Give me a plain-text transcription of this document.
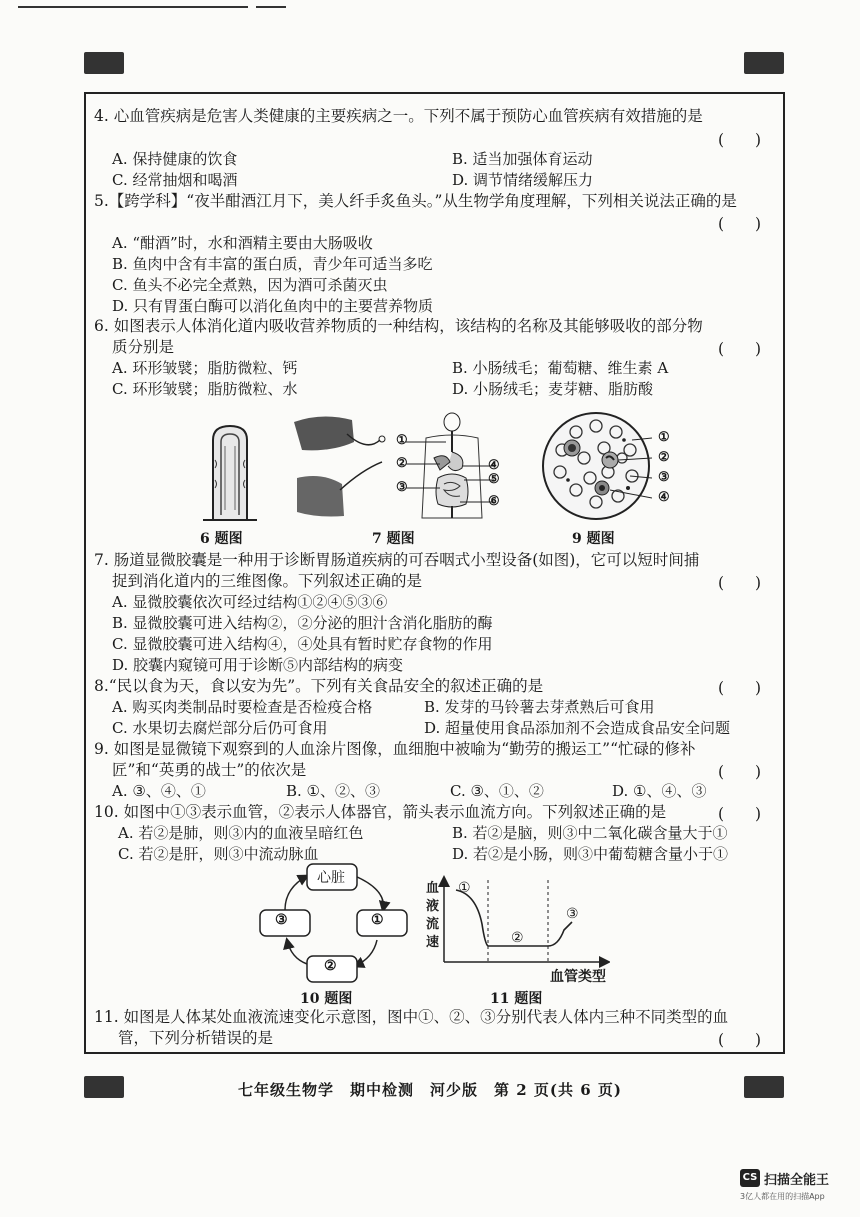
4. 心血管疾病是危害人类健康的主要疾病之一。下列不属于预防心血管疾病有效措施的是
(　　)
A. 保持健康的饮食	B. 适当加强体育运动
C. 经常抽烟和喝酒	D. 调节情绪缓解压力
5.【跨学科】“夜半酣酒江月下，美人纤手炙鱼头。”从生物学角度理解，下列相关说法正确的是
(　　)
A. “酣酒”时，水和酒精主要由大肠吸收
B. 鱼肉中含有丰富的蛋白质，青少年可适当多吃
C. 鱼头不必完全煮熟，因为酒可杀菌灭虫
D. 只有胃蛋白酶可以消化鱼肉中的主要营养物质
6. 如图表示人体消化道内吸收营养物质的一种结构，该结构的名称及其能够吸收的部分物
质分别是	(　　)
A. 环形皱襞；脂肪微粒、钙	B. 小肠绒毛；葡萄糖、维生素 A
C. 环形皱襞；脂肪微粒、水	D. 小肠绒毛；麦芽糖、脂肪酸
6 题图
①
②
③
④
⑤
⑥
7 题图
①
②
③
④
9 题图
7. 肠道显微胶囊是一种用于诊断胃肠道疾病的可吞咽式小型设备(如图)，它可以短时间捕
捉到消化道内的三维图像。下列叙述正确的是	(　　)
A. 显微胶囊依次可经过结构①②④⑤③⑥
B. 显微胶囊可进入结构②，②分泌的胆汁含消化脂肪的酶
C. 显微胶囊可进入结构④，④处具有暂时贮存食物的作用
D. 胶囊内窥镜可用于诊断⑤内部结构的病变
8.“民以食为天，食以安为先”。下列有关食品安全的叙述正确的是	(　　)
A. 购买肉类制品时要检查是否检疫合格	B. 发芽的马铃薯去芽煮熟后可食用
C. 水果切去腐烂部分后仍可食用	D. 超量使用食品添加剂不会造成食品安全问题
9. 如图是显微镜下观察到的人血涂片图像，血细胞中被喻为“勤劳的搬运工”“忙碌的修补
匠”和“英勇的战士”的依次是	(　　)
A. ③、④、①	B. ①、②、③	C. ③、①、②	D. ①、④、③
10. 如图中①③表示血管，②表示人体器官，箭头表示血流方向。下列叙述正确的是	(　　)
A. 若②是肺，则③内的血液呈暗红色	B. 若②是脑，则③中二氧化碳含量大于①
C. 若②是肝，则③中流动脉血	D. 若②是小肠，则③中葡萄糖含量小于①
心脏
①
③
②
10 题图
血液流速
①
②
③
血管类型
11 题图
11. 如图是人体某处血液流速变化示意图，图中①、②、③分别代表人体内三种不同类型的血
管，下列分析错误的是	(　　)
七年级生物学　期中检测　河少版　第 2 页(共 6 页)
CS 扫描全能王
3亿人都在用的扫描App
